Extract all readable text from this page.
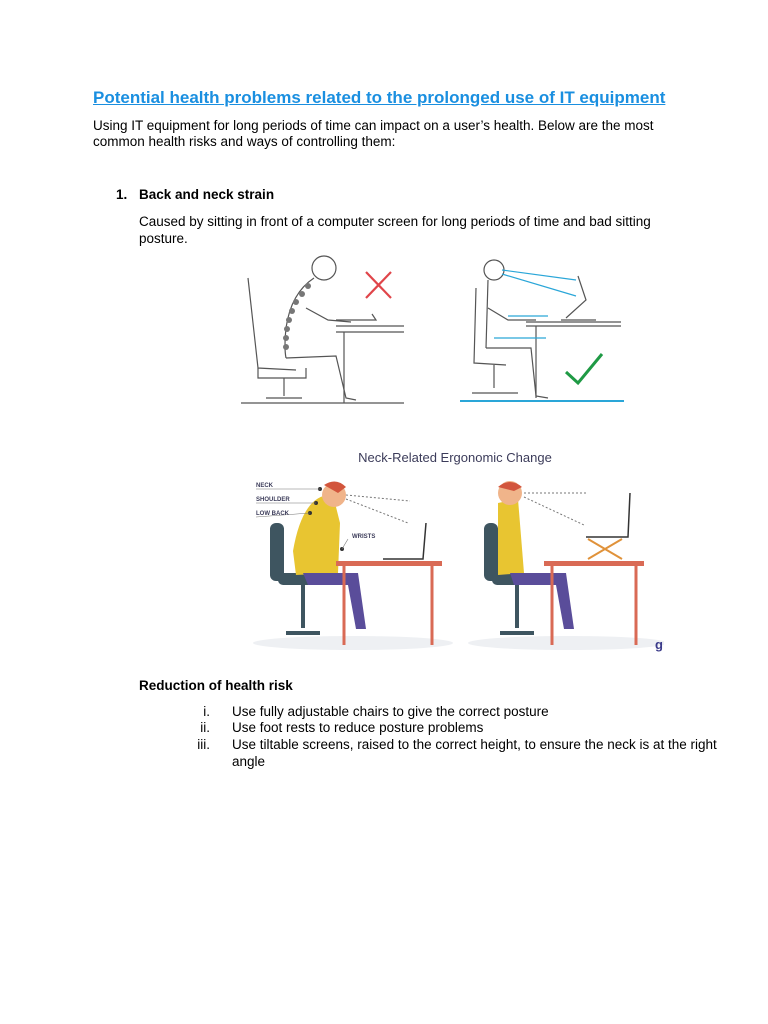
Potential health problems related to the prolonged use of IT equipment
Using IT equipment for long periods of time can impact on a user’s health. Below are the most common health risks and ways of controlling them:
1. Back and neck strain
Caused by sitting in front of a computer screen for long periods of time and bad sitting posture.
NECK
SHOULDER
LOW BACK
WRISTS
Neck-Related Ergonomic Change
g
Reduction of health risk
i. Use fully adjustable chairs to give the correct posture
ii. Use foot rests to reduce posture problems
iii. Use tiltable screens, raised to the correct height, to ensure the neck is at the right angle
